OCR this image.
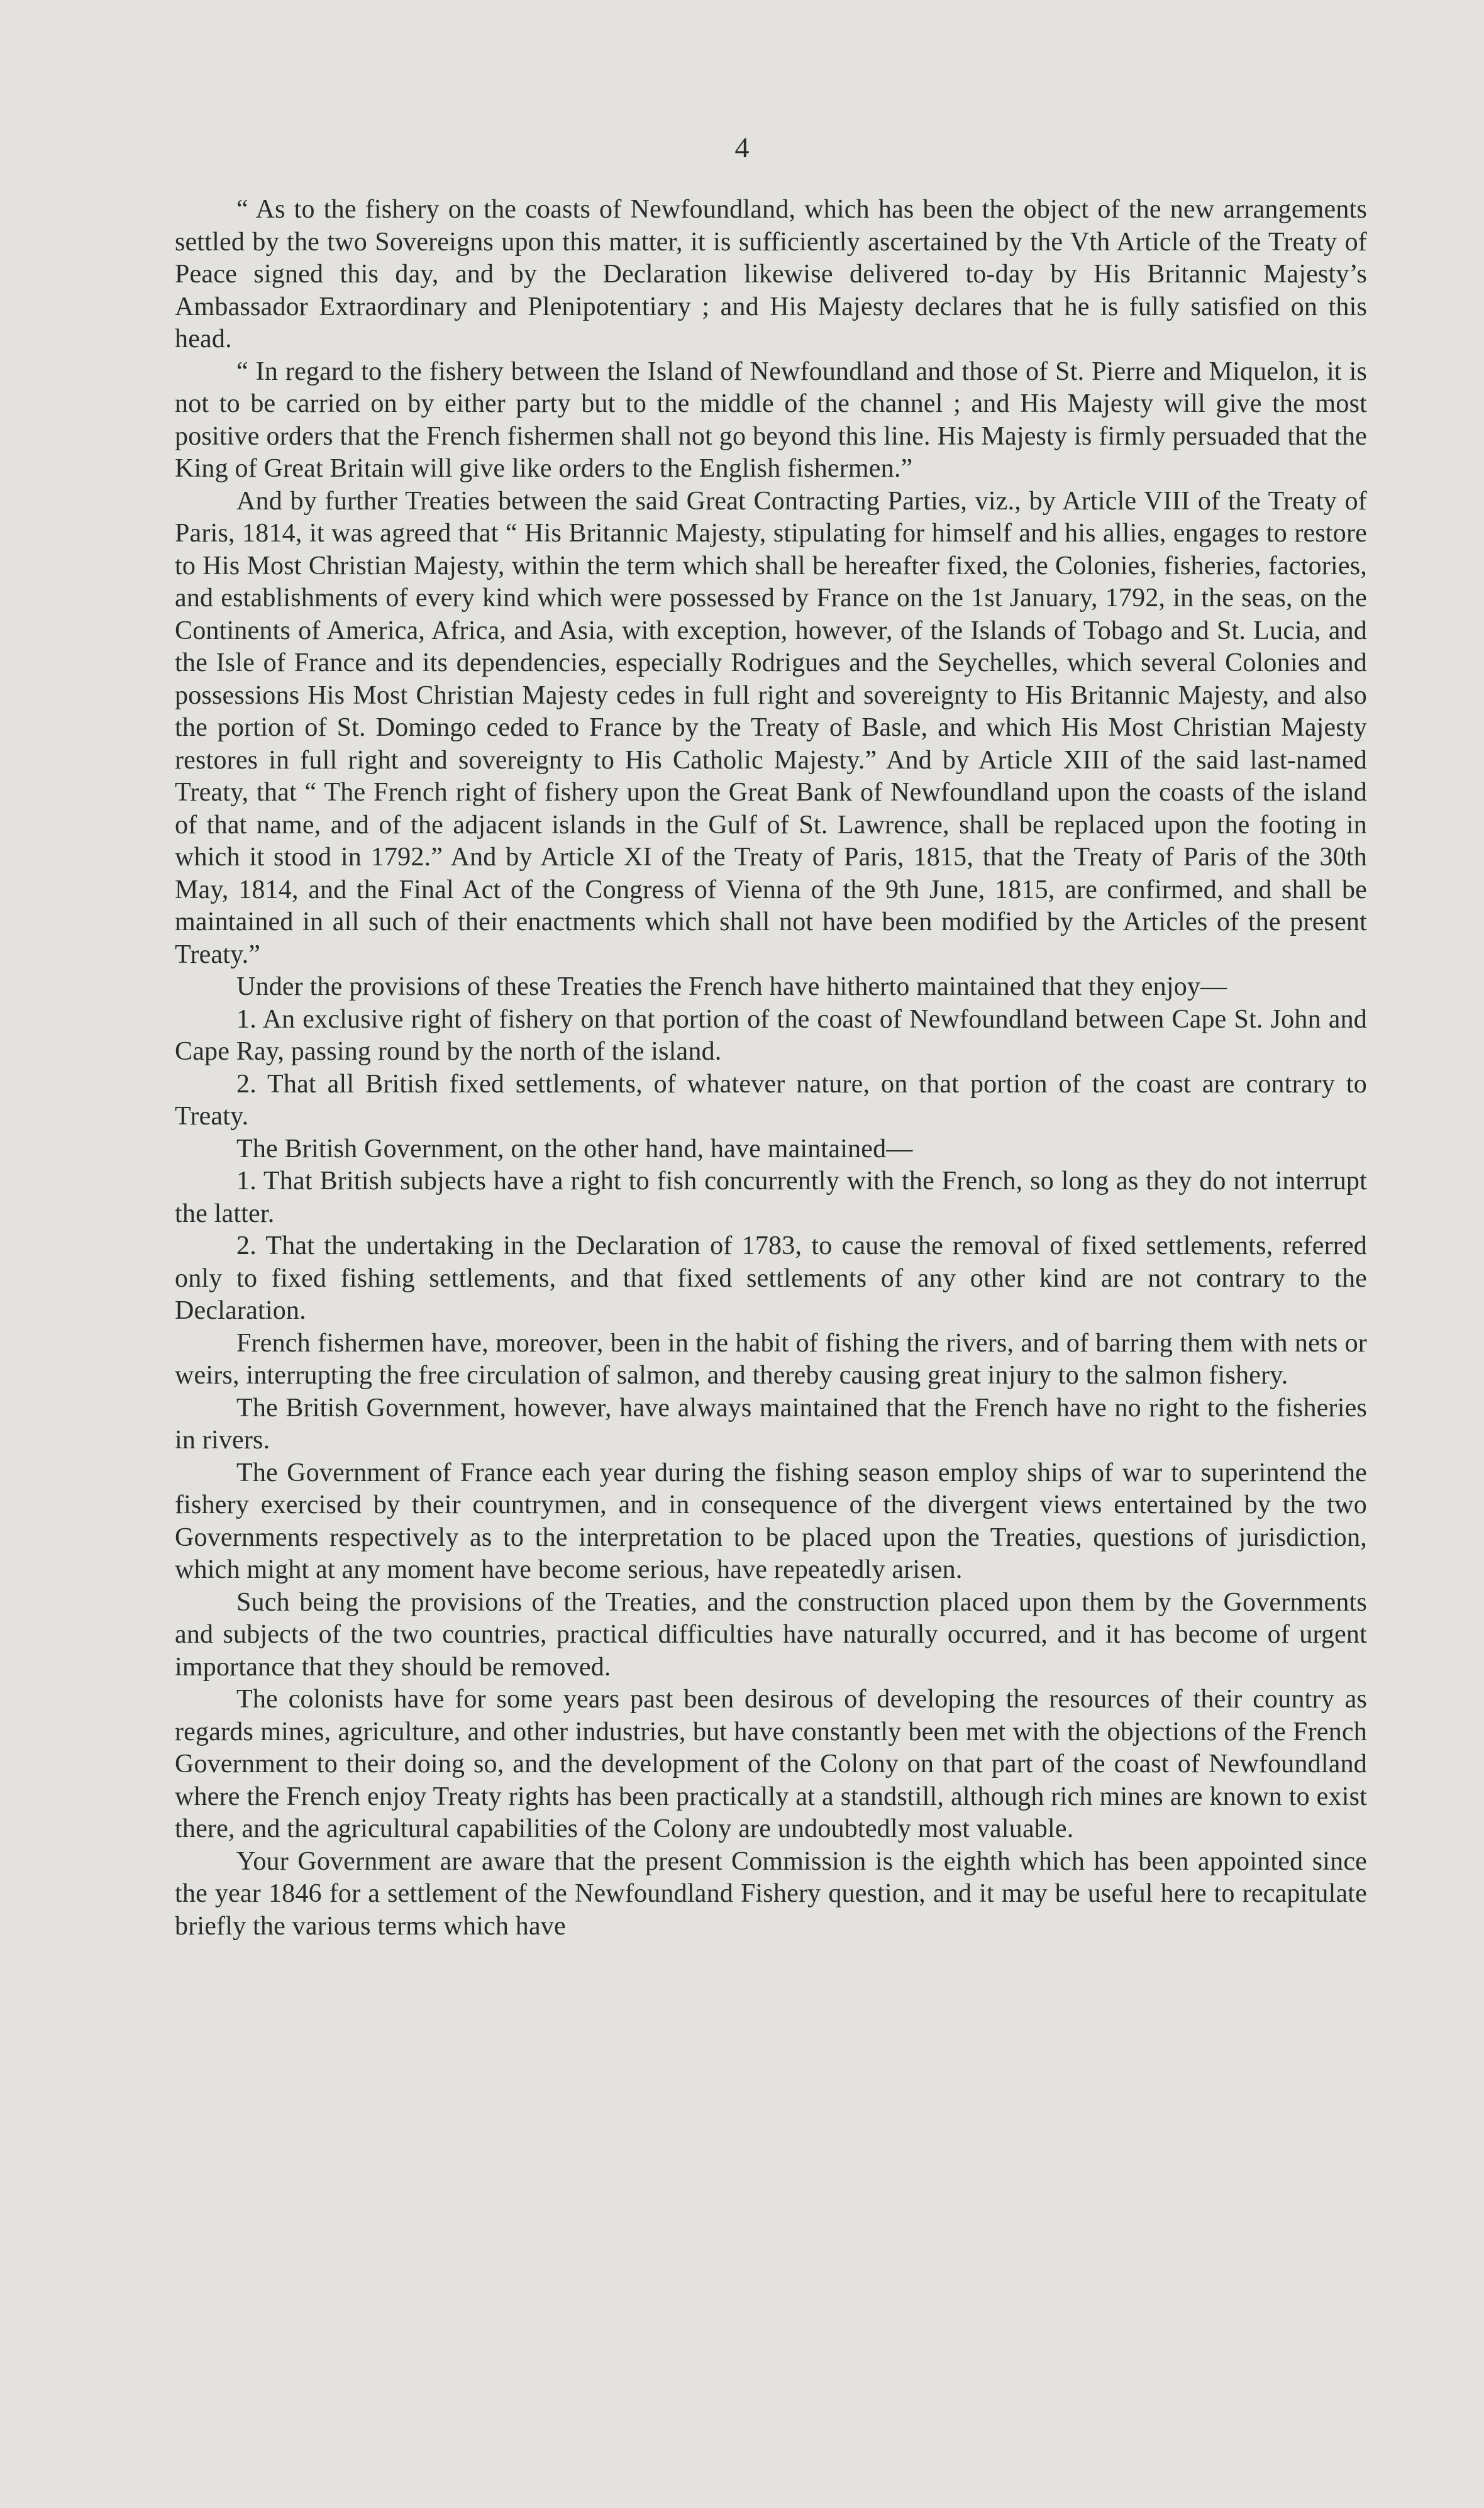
4

“ As to the fishery on the coasts of Newfoundland, which has been the object of the new arrangements settled by the two Sovereigns upon this matter, it is sufficiently ascertained by the Vth Article of the Treaty of Peace signed this day, and by the Declaration likewise delivered to-day by His Britannic Majesty’s Ambassador Extraordinary and Plenipotentiary ; and His Majesty declares that he is fully satisfied on this head.

“ In regard to the fishery between the Island of Newfoundland and those of St. Pierre and Miquelon, it is not to be carried on by either party but to the middle of the channel ; and His Majesty will give the most positive orders that the French fishermen shall not go beyond this line. His Majesty is firmly persuaded that the King of Great Britain will give like orders to the English fishermen.”

And by further Treaties between the said Great Contracting Parties, viz., by Article VIII of the Treaty of Paris, 1814, it was agreed that “ His Britannic Majesty, stipulating for himself and his allies, engages to restore to His Most Christian Majesty, within the term which shall be hereafter fixed, the Colonies, fisheries, factories, and establishments of every kind which were possessed by France on the 1st January, 1792, in the seas, on the Continents of America, Africa, and Asia, with exception, however, of the Islands of Tobago and St. Lucia, and the Isle of France and its dependencies, especially Rodrigues and the Seychelles, which several Colonies and possessions His Most Christian Majesty cedes in full right and sovereignty to His Britannic Majesty, and also the portion of St. Domingo ceded to France by the Treaty of Basle, and which His Most Christian Majesty restores in full right and sovereignty to His Catholic Majesty.” And by Article XIII of the said last-named Treaty, that “ The French right of fishery upon the Great Bank of Newfoundland upon the coasts of the island of that name, and of the adjacent islands in the Gulf of St. Lawrence, shall be replaced upon the footing in which it stood in 1792.” And by Article XI of the Treaty of Paris, 1815, that the Treaty of Paris of the 30th May, 1814, and the Final Act of the Congress of Vienna of the 9th June, 1815, are confirmed, and shall be maintained in all such of their enactments which shall not have been modified by the Articles of the present Treaty.”

Under the provisions of these Treaties the French have hitherto maintained that they enjoy—

1. An exclusive right of fishery on that portion of the coast of Newfoundland between Cape St. John and Cape Ray, passing round by the north of the island.

2. That all British fixed settlements, of whatever nature, on that portion of the coast are contrary to Treaty.

The British Government, on the other hand, have maintained—

1. That British subjects have a right to fish concurrently with the French, so long as they do not interrupt the latter.

2. That the undertaking in the Declaration of 1783, to cause the removal of fixed settlements, referred only to fixed fishing settlements, and that fixed settlements of any other kind are not contrary to the Declaration.

French fishermen have, moreover, been in the habit of fishing the rivers, and of barring them with nets or weirs, interrupting the free circulation of salmon, and thereby causing great injury to the salmon fishery.

The British Government, however, have always maintained that the French have no right to the fisheries in rivers.

The Government of France each year during the fishing season employ ships of war to superintend the fishery exercised by their countrymen, and in consequence of the divergent views entertained by the two Governments respectively as to the interpretation to be placed upon the Treaties, questions of jurisdiction, which might at any moment have become serious, have repeatedly arisen.

Such being the provisions of the Treaties, and the construction placed upon them by the Governments and subjects of the two countries, practical difficulties have naturally occurred, and it has become of urgent importance that they should be removed.

The colonists have for some years past been desirous of developing the resources of their country as regards mines, agriculture, and other industries, but have constantly been met with the objections of the French Government to their doing so, and the development of the Colony on that part of the coast of Newfoundland where the French enjoy Treaty rights has been practically at a standstill, although rich mines are known to exist there, and the agricultural capabilities of the Colony are undoubtedly most valuable.

Your Government are aware that the present Commission is the eighth which has been appointed since the year 1846 for a settlement of the Newfoundland Fishery question, and it may be useful here to recapitulate briefly the various terms which have
